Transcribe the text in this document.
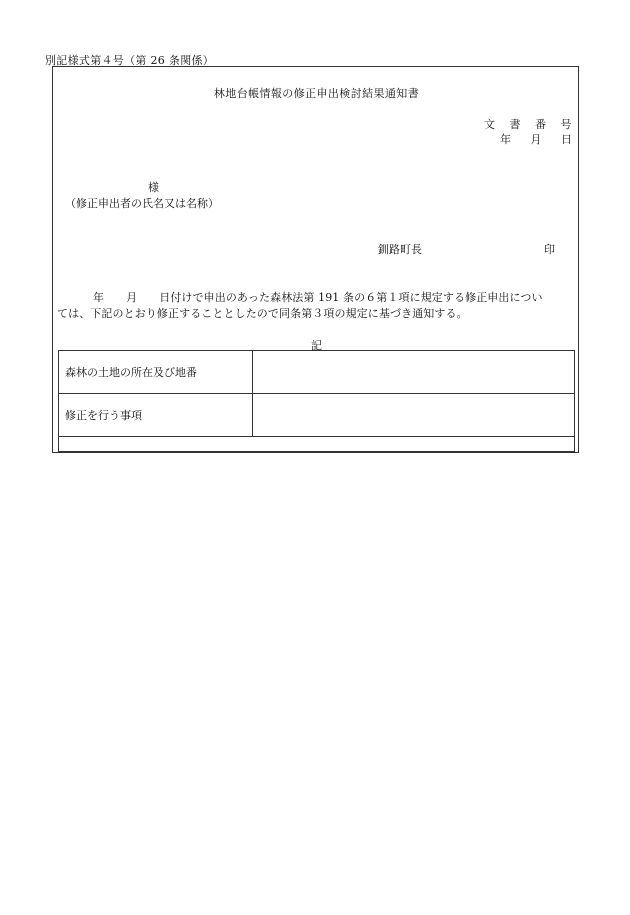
別記様式第４号（第 26 条関係）
林地台帳情報の修正申出検討結果通知書
文 書 番 号
年 月 日
様
（修正申出者の氏名又は名称）
釧路町長	印
年 月 日付けで申出のあった森林法第 191 条の６第１項に規定する修正申出につい
ては、下記のとおり修正することとしたので同条第３項の規定に基づき通知する。
記
森林の土地の所在及び地番	
修正を行う事項	
